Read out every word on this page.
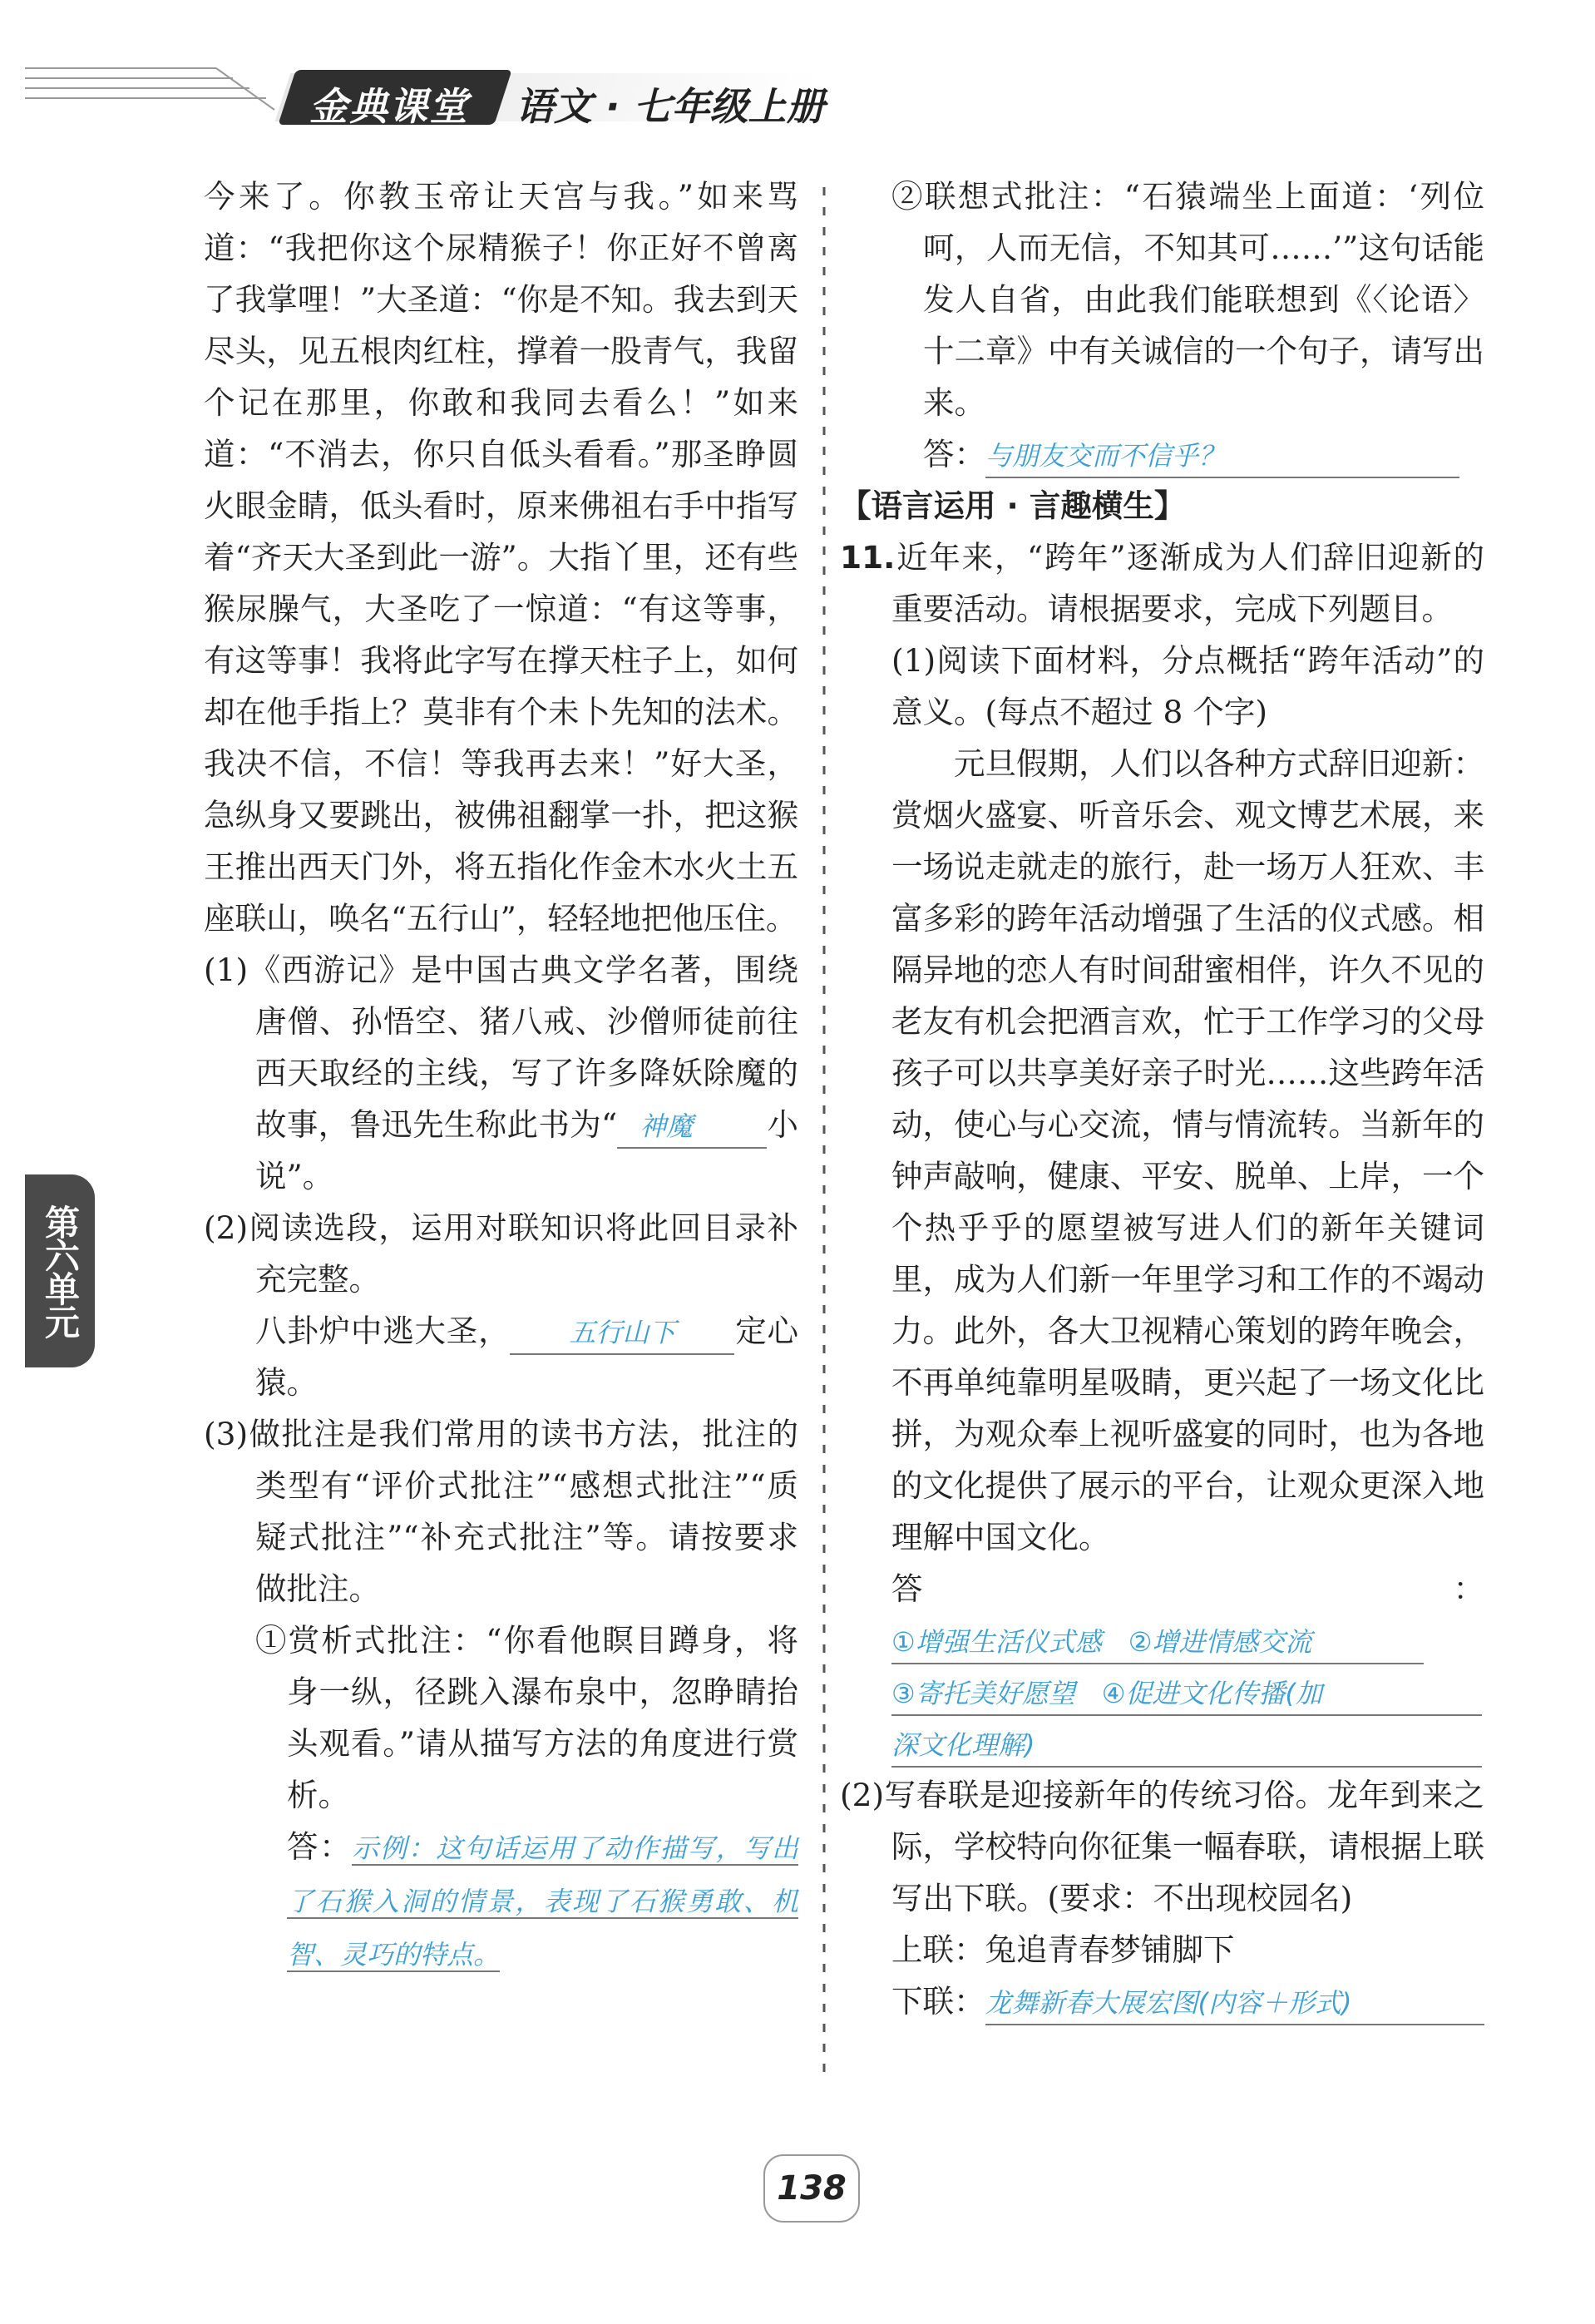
金典课堂 语文 · 七年级上册

今来了。你教玉帝让天宫与我。”如来骂道：“我把你这个尿精猴子！你正好不曾离了我掌哩！”大圣道：“你是不知。我去到天尽头，见五根肉红柱，撑着一股青气，我留个记在那里，你敢和我同去看么！”如来道：“不消去，你只自低头看看。”那圣睁圆火眼金睛，低头看时，原来佛祖右手中指写着“齐天大圣到此一游”。大指丫里，还有些猴尿臊气，大圣吃了一惊道：“有这等事，有这等事！我将此字写在撑天柱子上，如何却在他手指上？莫非有个未卜先知的法术。我决不信，不信！等我再去来！”好大圣，急纵身又要跳出，被佛祖翻掌一扑，把这猴王推出西天门外，将五指化作金木水火土五座联山，唤名“五行山”，轻轻地把他压住。

(1)《西游记》是中国古典文学名著，围绕唐僧、孙悟空、猪八戒、沙僧师徒前往西天取经的主线，写了许多降妖除魔的故事，鲁迅先生称此书为“ 神魔 小说”。

(2)阅读选段，运用对联知识将此回目录补充完整。

八卦炉中逃大圣， 五行山下 定心猿。

(3)做批注是我们常用的读书方法，批注的类型有“评价式批注”“感想式批注”“质疑式批注”“补充式批注”等。请按要求做批注。

①赏析式批注：“你看他瞑目蹲身，将身一纵，径跳入瀑布泉中，忽睁睛抬头观看。”请从描写方法的角度进行赏析。

答：示例：这句话运用了动作描写，写出了石猴入洞的情景，表现了石猴勇敢、机智、灵巧的特点。

②联想式批注：“石猿端坐上面道：‘列位呵，人而无信，不知其可……’”这句话能发人自省，由此我们能联想到《〈论语〉十二章》中有关诚信的一个句子，请写出来。

答：与朋友交而不信乎？

【语言运用 · 言趣横生】

11.近年来，“跨年”逐渐成为人们辞旧迎新的重要活动。请根据要求，完成下列题目。

(1)阅读下面材料，分点概括“跨年活动”的意义。(每点不超过 8 个字)

元旦假期，人们以各种方式辞旧迎新：赏烟火盛宴、听音乐会、观文博艺术展，来一场说走就走的旅行，赴一场万人狂欢、丰富多彩的跨年活动增强了生活的仪式感。相隔异地的恋人有时间甜蜜相伴，许久不见的老友有机会把酒言欢，忙于工作学习的父母孩子可以共享美好亲子时光……这些跨年活动，使心与心交流，情与情流转。当新年的钟声敲响，健康、平安、脱单、上岸，一个个热乎乎的愿望被写进人们的新年关键词里，成为人们新一年里学习和工作的不竭动力。此外，各大卫视精心策划的跨年晚会，不再单纯靠明星吸睛，更兴起了一场文化比拼，为观众奉上视听盛宴的同时，也为各地的文化提供了展示的平台，让观众更深入地理解中国文化。

答：①增强生活仪式感　②增进情感交流

③寄托美好愿望　④促进文化传播(加

深文化理解)

(2)写春联是迎接新年的传统习俗。龙年到来之际，学校特向你征集一幅春联，请根据上联写出下联。(要求：不出现校园名)

上联：兔追青春梦铺脚下

下联：龙舞新春大展宏图(内容＋形式)

第六单元
138
